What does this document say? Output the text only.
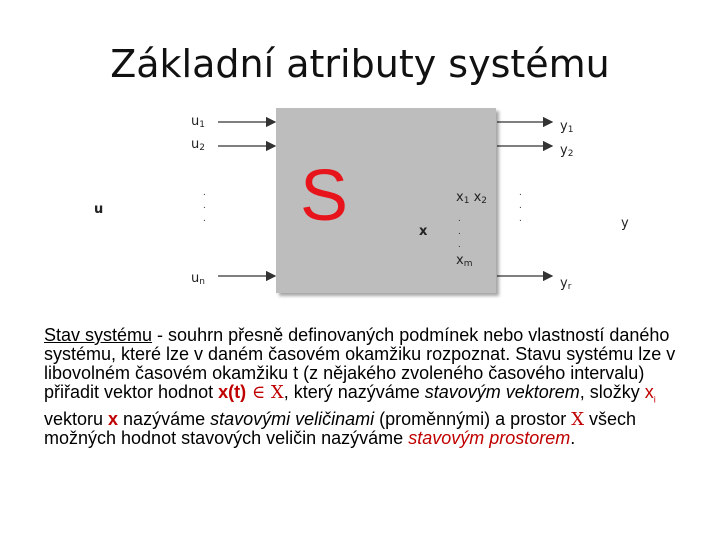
Základní atributy systému
$u_1$
$u_2$
.
.
.
$u_n$
u	S	x
$x_1$ $x_2$
.
.
.
$x_m$
$y_1$
$y_2$
.
.
.
$y_r$
y
Stav systému - souhrn přesně definovaných podmínek nebo vlastností daného systému, které lze v daném časovém okamžiku rozpoznat. Stavu systému lze v libovolném časovém okamžiku t (z nějakého zvoleného časového intervalu) přiřadit vektor hodnot x(t) ∈ X, který nazýváme stavovým vektorem, složky $x_i$ vektoru x nazýváme stavovými veličinami (proměnnými) a prostor X všech možných hodnot stavových veličin nazýváme stavovým prostorem.
